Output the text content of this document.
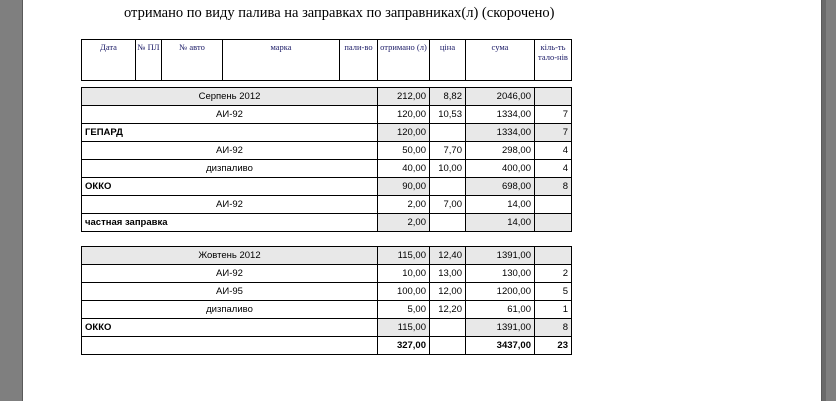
отримано по виду палива на заправках по заправниках(л) (скорочено)
Дата	№ ПЛ	№ авто	марка	пали-во	отримано (л)	ціна	сума	кіль-ть тало-нів
Серпень 2012	212,00	8,82	2046,00	
АИ-92	120,00	10,53	1334,00	7
ГЕПАРД	120,00		1334,00	7
АИ-92	50,00	7,70	298,00	4
дизпаливо	40,00	10,00	400,00	4
ОККО	90,00		698,00	8
АИ-92	2,00	7,00	14,00	
частная заправка	2,00		14,00	
Жовтень 2012	115,00	12,40	1391,00	
АИ-92	10,00	13,00	130,00	2
АИ-95	100,00	12,00	1200,00	5
дизпаливо	5,00	12,20	61,00	1
ОККО	115,00		1391,00	8
	327,00		3437,00	23
